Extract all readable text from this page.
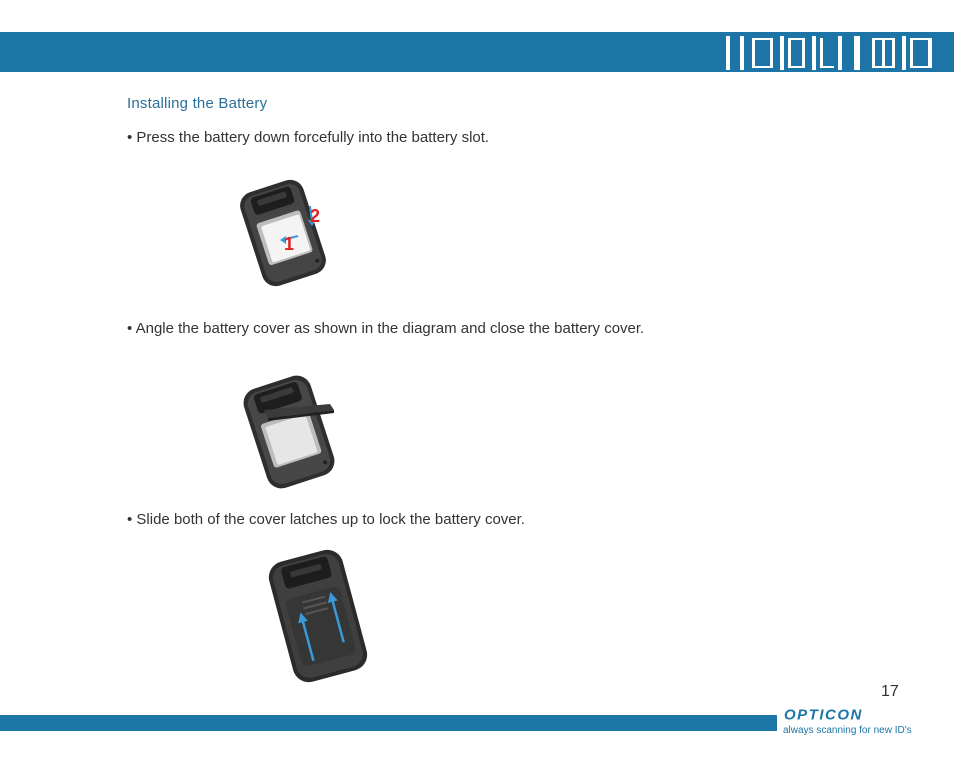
Installing the Battery
• Press the battery down forcefully into the battery slot.
1
2
• Angle the battery cover as shown in the diagram and close the battery cover.
• Slide both of the cover latches up to lock the battery cover.
17
OPTICON
always scanning for new ID's
